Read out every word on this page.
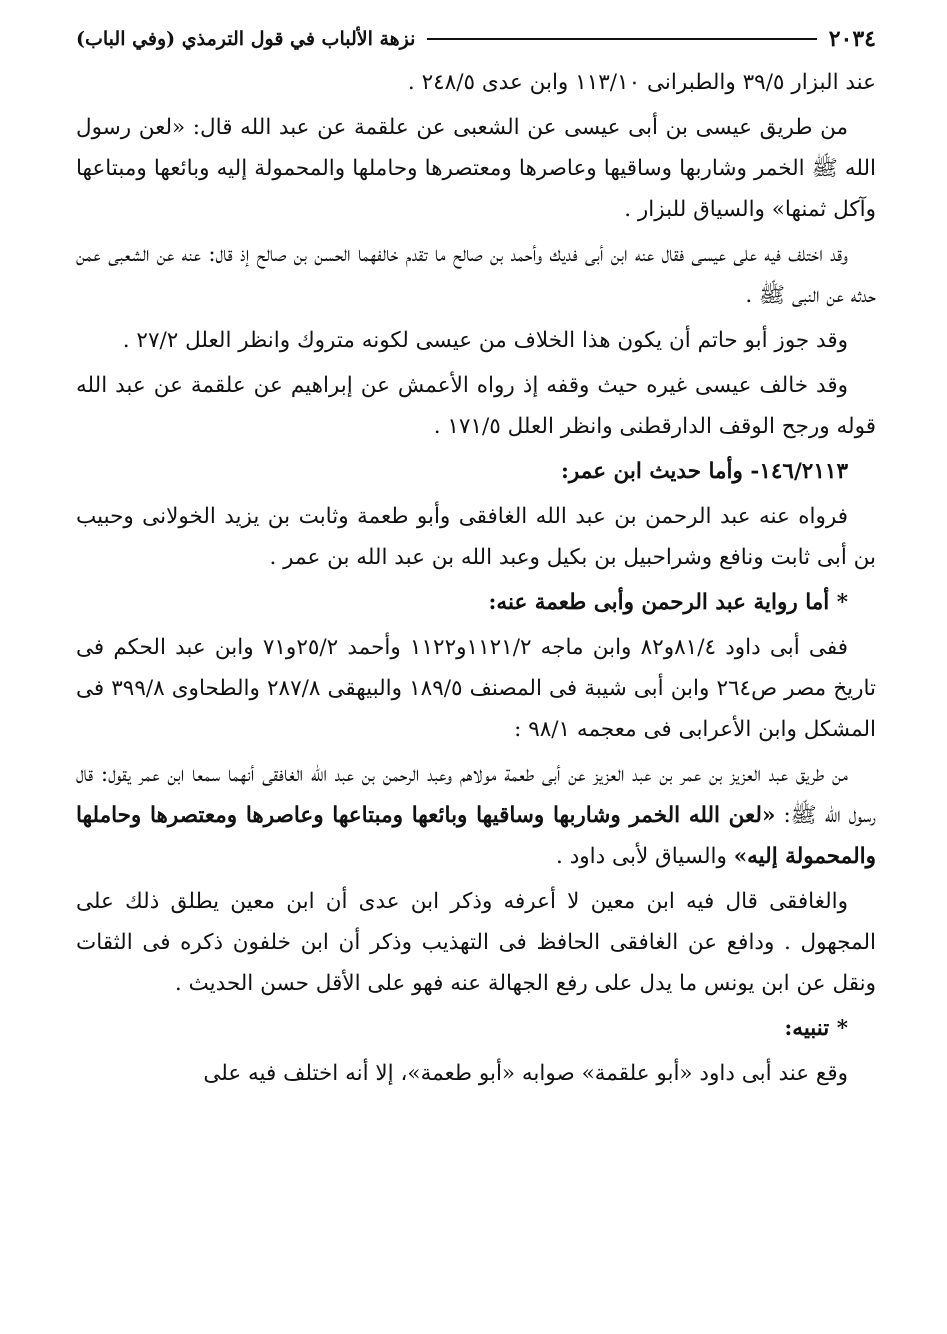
٢٠٣٤
نزهة الألباب في قول الترمذي (وفي الباب)

عند البزار ٣٩/٥ والطبرانى ١١٣/١٠ وابن عدى ٢٤٨/٥ .

من طريق عيسى بن أبى عيسى عن الشعبى عن علقمة عن عبد الله قال: «لعن رسول الله ﷺ الخمر وشاربها وساقيها وعاصرها ومعتصرها وحاملها والمحمولة إليه وبائعها ومبتاعها وآكل ثمنها» والسياق للبزار .

وقد اختلف فيه على عيسى فقال عنه ابن أبى فديك وأحمد بن صالح ما تقدم خالفهما الحسن بن صالح إذ قال: عنه عن الشعبى عمن حدثه عن النبى ﷺ .

وقد جوز أبو حاتم أن يكون هذا الخلاف من عيسى لكونه متروك وانظر العلل ٢٧/٢ .

وقد خالف عيسى غيره حيث وقفه إذ رواه الأعمش عن إبراهيم عن علقمة عن عبد الله قوله ورجح الوقف الدارقطنى وانظر العلل ١٧١/٥ .

١٤٦/٢١١٣- وأما حديث ابن عمر:

فرواه عنه عبد الرحمن بن عبد الله الغافقى وأبو طعمة وثابت بن يزيد الخولانى وحبيب بن أبى ثابت ونافع وشراحبيل بن بكيل وعبد الله بن عبد الله بن عمر .

* أما رواية عبد الرحمن وأبى طعمة عنه:

ففى أبى داود ٨١/٤و٨٢ وابن ماجه ١١٢١/٢و١١٢٢ وأحمد ٢٥/٢و٧١ وابن عبد الحكم فى تاريخ مصر ص٢٦٤ وابن أبى شيبة فى المصنف ١٨٩/٥ والبيهقى ٢٨٧/٨ والطحاوى ٣٩٩/٨ فى المشكل وابن الأعرابى فى معجمه ٩٨/١ :

من طريق عبد العزيز بن عمر بن عبد العزيز عن أبى طعمة مولاهم وعبد الرحمن بن عبد الله الغافقى أنهما سمعا ابن عمر يقول: قال رسول الله ﷺ: «لعن الله الخمر وشاربها وساقيها وبائعها ومبتاعها وعاصرها ومعتصرها وحاملها والمحمولة إليه» والسياق لأبى داود .

والغافقى قال فيه ابن معين لا أعرفه وذكر ابن عدى أن ابن معين يطلق ذلك على المجهول . ودافع عن الغافقى الحافظ فى التهذيب وذكر أن ابن خلفون ذكره فى الثقات ونقل عن ابن يونس ما يدل على رفع الجهالة عنه فهو على الأقل حسن الحديث .

* تنبيه:

وقع عند أبى داود «أبو علقمة» صوابه «أبو طعمة»، إلا أنه اختلف فيه على
